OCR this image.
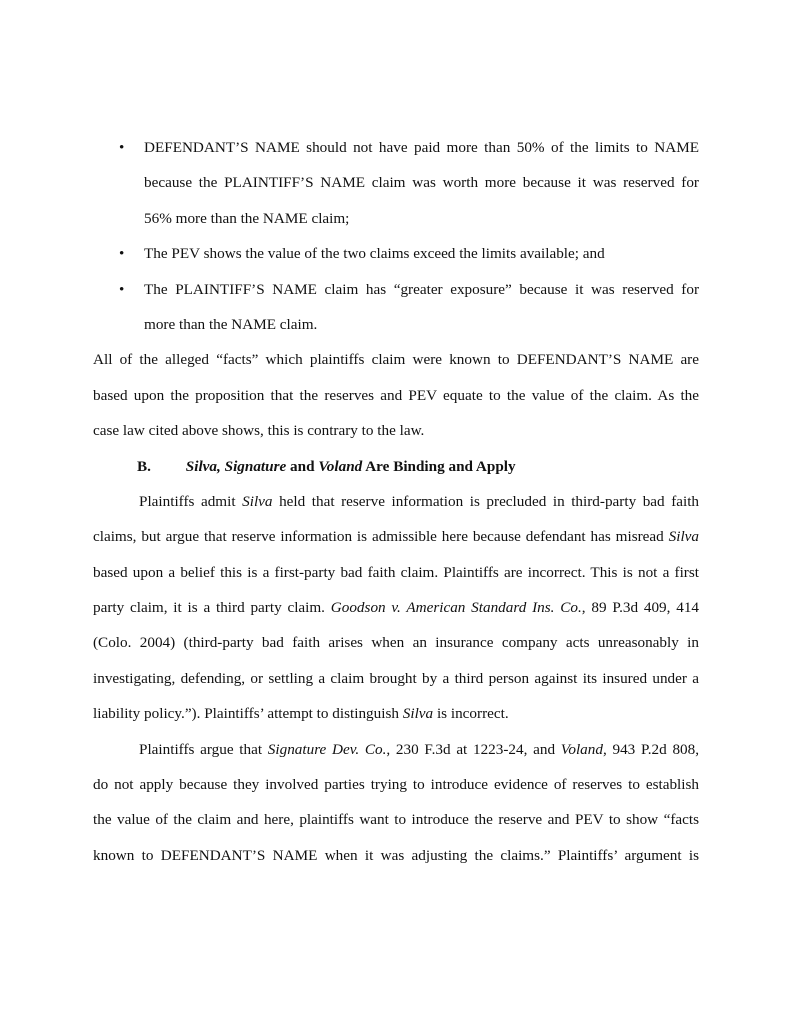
• DEFENDANT’S NAME should not have paid more than 50% of the limits to NAME
because the PLAINTIFF’S NAME claim was worth more because it was reserved for
56% more than the NAME claim;
• The PEV shows the value of the two claims exceed the limits available; and
• The PLAINTIFF’S NAME claim has “greater exposure” because it was reserved for
more than the NAME claim.
All of the alleged “facts” which plaintiffs claim were known to DEFENDANT’S NAME are
based upon the proposition that the reserves and PEV equate to the value of the claim. As the
case law cited above shows, this is contrary to the law.
B. Silva, Signature and Voland Are Binding and Apply
Plaintiffs admit Silva held that reserve information is precluded in third-party bad faith
claims, but argue that reserve information is admissible here because defendant has misread Silva
based upon a belief this is a first-party bad faith claim. Plaintiffs are incorrect. This is not a first
party claim, it is a third party claim. Goodson v. American Standard Ins. Co., 89 P.3d 409, 414
(Colo. 2004) (third-party bad faith arises when an insurance company acts unreasonably in
investigating, defending, or settling a claim brought by a third person against its insured under a
liability policy.”). Plaintiffs’ attempt to distinguish Silva is incorrect.
Plaintiffs argue that Signature Dev. Co., 230 F.3d at 1223-24, and Voland, 943 P.2d 808,
do not apply because they involved parties trying to introduce evidence of reserves to establish
the value of the claim and here, plaintiffs want to introduce the reserve and PEV to show “facts
known to DEFENDANT’S NAME when it was adjusting the claims.” Plaintiffs’ argument is
